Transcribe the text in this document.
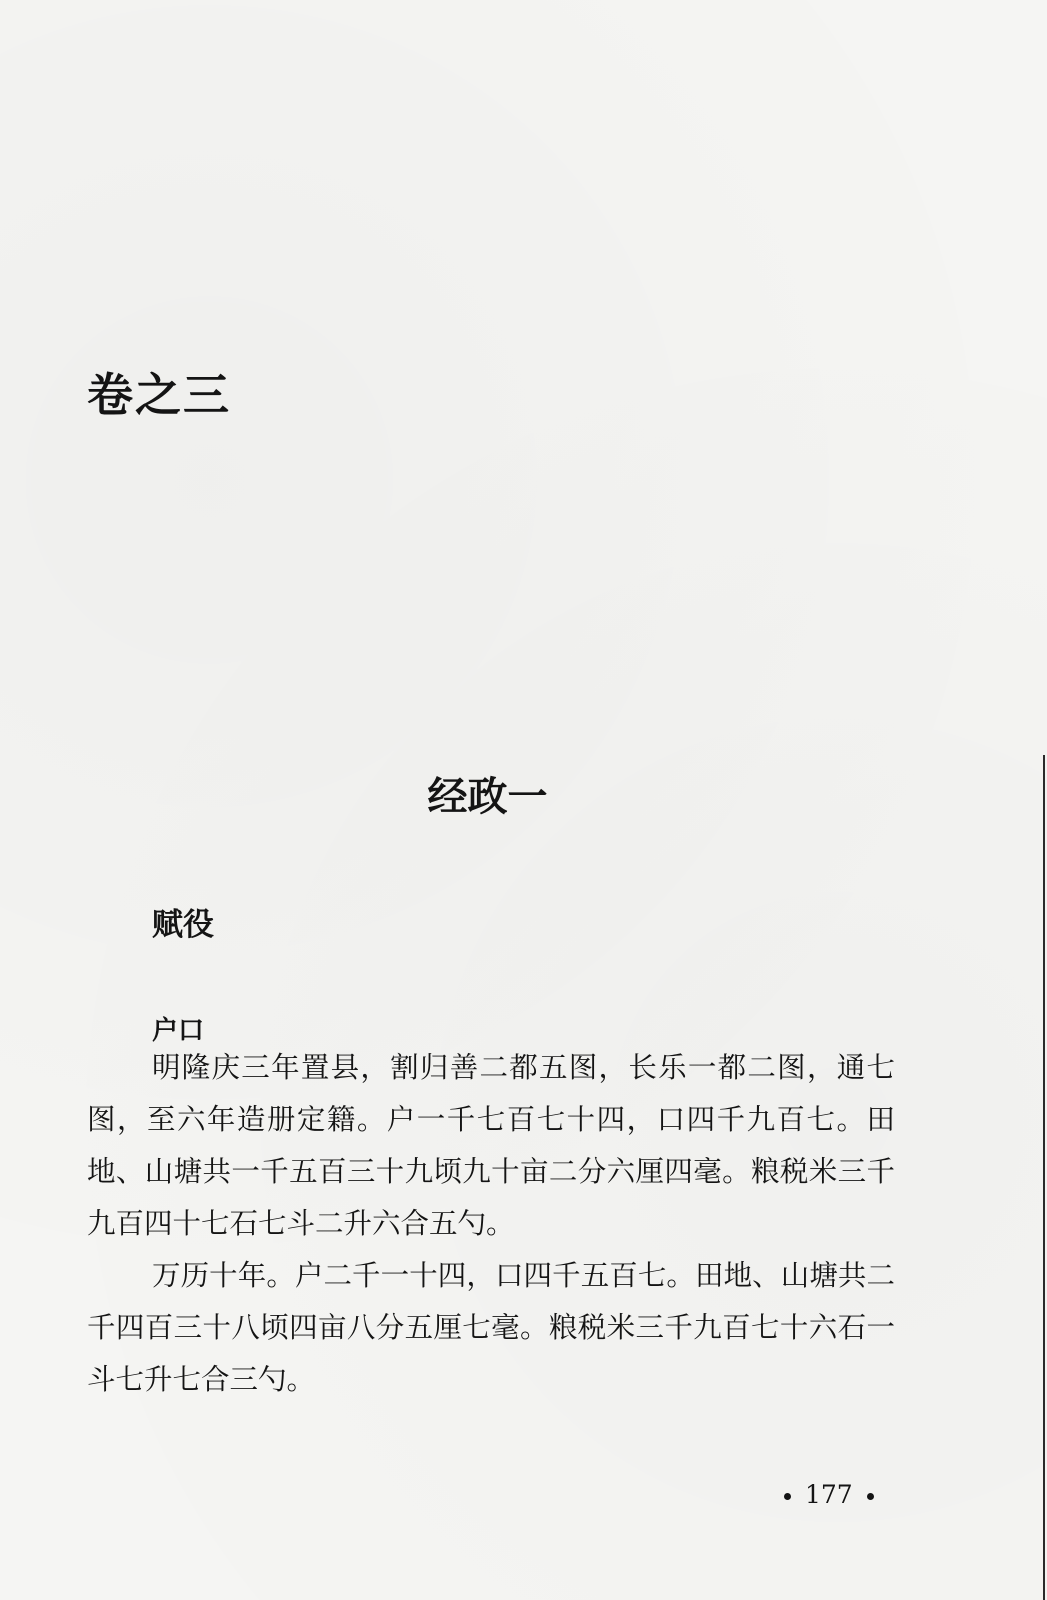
卷之三
经政一
赋役
户口

明隆庆三年置县，割归善二都五图，长乐一都二图，通七图，至六年造册定籍。户一千七百七十四，口四千九百七。田地、山塘共一千五百三十九顷九十亩二分六厘四毫。粮税米三千九百四十七石七斗二升六合五勺。

万历十年。户二千一十四，口四千五百七。田地、山塘共二千四百三十八顷四亩八分五厘七毫。粮税米三千九百七十六石一斗七升七合三勺。

177
